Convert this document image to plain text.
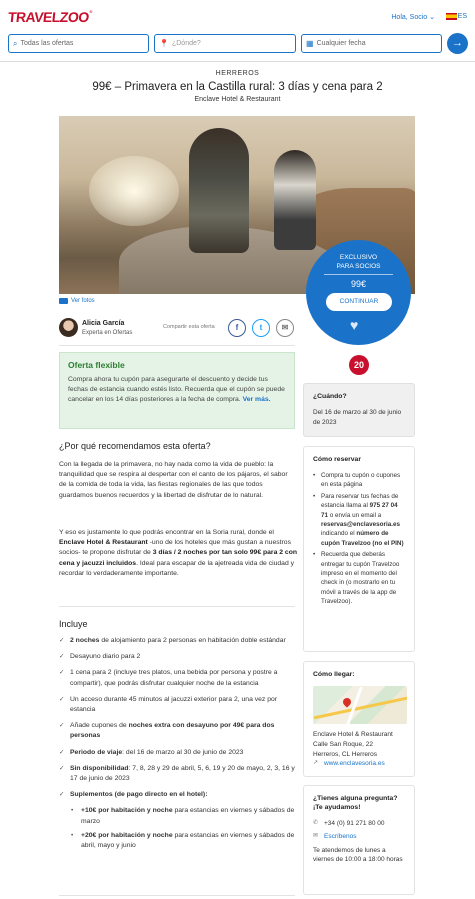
TRAVELZOO®
Hola, Socio ⌄	ES
⌕ Todas las ofertas	📍 ¿Dónde?	▦ Cualquier fecha	→
HERREROS
99€ – Primavera en la Castilla rural: 3 días y cena para 2
Enclave Hotel & Restaurant
Ver fotos
EXCLUSIVO
PARA SOCIOS
99€
CONTINUAR
♥
Alicia García
Experta en Ofertas
Compartir esta oferta	f	t	✉
Oferta flexible

Compra ahora tu cupón para asegurarte el descuento y decide tus fechas de estancia cuando estés listo. Recuerda que el cupón se puede cancelar en los 14 días posteriores a la fecha de compra. Ver más.

¿Por qué recomendamos esta oferta?
Con la llegada de la primavera, no hay nada como la vida de pueblo: la tranquilidad que se respira al despertar con el canto de los pájaros, el sabor de la comida de toda la vida, las fiestas regionales de las que todos guardamos buenos recuerdos y la libertad de disfrutar de lo natural.
Y eso es justamente lo que podrás encontrar en la Soria rural, donde el Enclave Hotel & Restaurant -uno de los hoteles que más gustan a nuestros socios- te propone disfrutar de 3 días / 2 noches por tan solo 99€ para 2 con cena y jacuzzi incluidos. Ideal para escapar de la ajetreada vida de ciudad y recordar lo verdaderamente importante.
Incluye
✓ 2 noches de alojamiento para 2 personas en habitación doble estándar
✓ Desayuno diario para 2
✓ 1 cena para 2 (incluye tres platos, una bebida por persona y postre a compartir), que podrás disfrutar cualquier noche de la estancia
✓ Un acceso durante 45 minutos al jacuzzi exterior para 2, una vez por estancia
✓ Añade cupones de noches extra con desayuno por 49€ para dos personas
✓ Periodo de viaje: del 16 de marzo al 30 de junio de 2023
✓ Sin disponibilidad: 7, 8, 28 y 29 de abril, 5, 6, 19 y 20 de mayo, 2, 3, 16 y 17 de junio de 2023
✓ Suplementos (de pago directo en el hotel):
• +10€ por habitación y noche para estancias en viernes y sábados de marzo
• +20€ por habitación y noche para estancias en viernes y sábados de abril, mayo y junio
20
¿Cuándo?

Del 16 de marzo al 30 de junio de 2023

Cómo reservar
• Compra tu cupón o cupones en esta página
• Para reservar tus fechas de estancia llama al 975 27 04 71 o envía un email a reservas@enclavesoria.es indicando el número de cupón Travelzoo (no el PIN)
• Recuerda que deberás entregar tu cupón Travelzoo impreso en el momento del check in (o mostrarlo en tu móvil a través de la app de Travelzoo).
Cómo llegar:

Enclave Hotel & Restaurant
Calle San Roque, 22
Herreros, CL Herreros

↗ www.enclavesoria.es
¿Tienes alguna pregunta? ¡Te ayudamos!
✆ +34 (0) 91 271 80 00
✉ Escríbenos

Te atendemos de lunes a viernes de 10:00 a 18:00 horas
